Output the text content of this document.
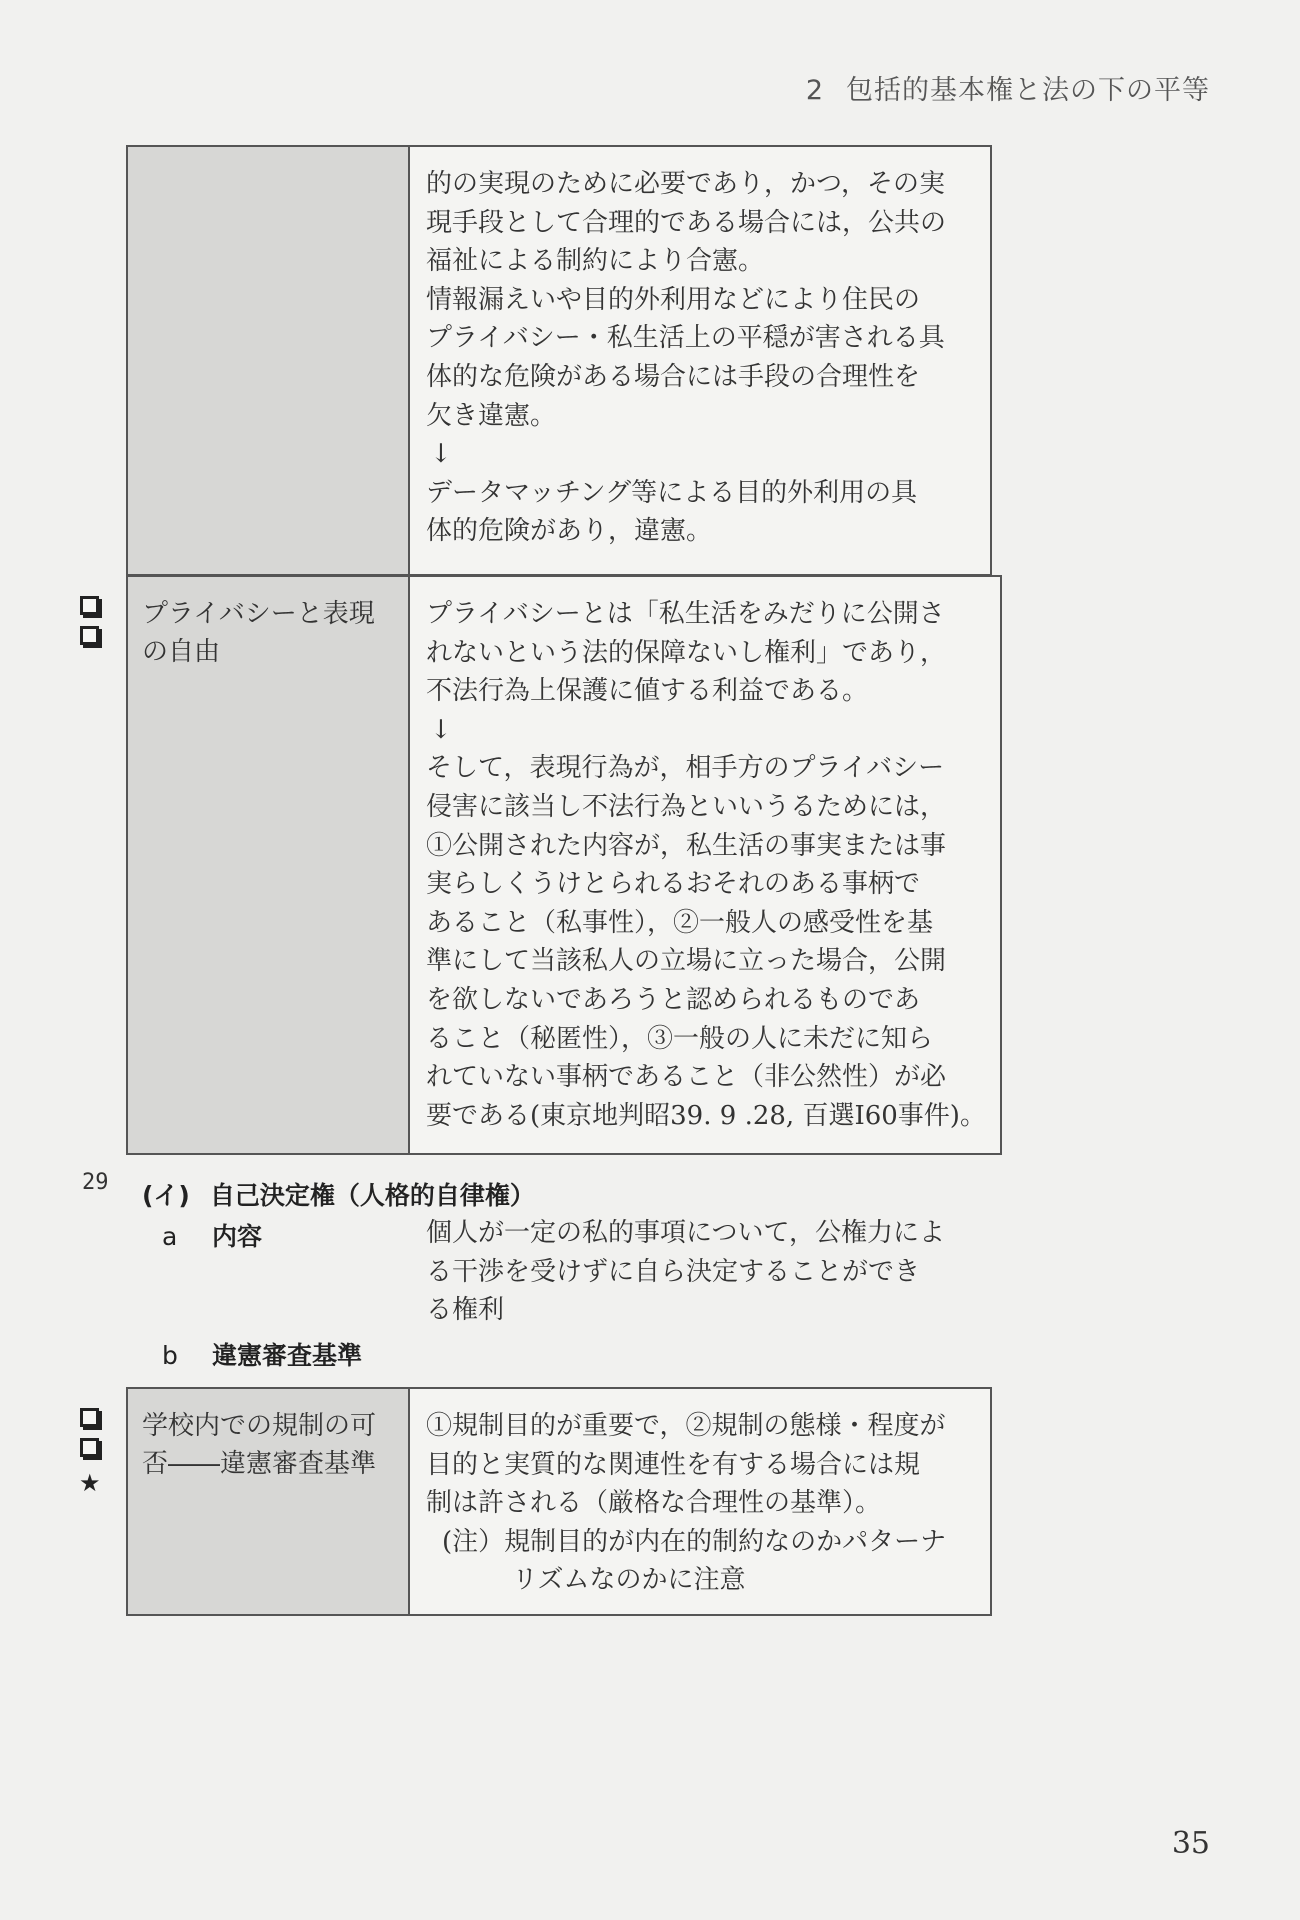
2 包括的基本権と法の下の平等

的の実現のために必要であり，かつ，その実
現手段として合理的である場合には，公共の
福祉による制約により合憲。
情報漏えいや目的外利用などにより住民の
プライバシー・私生活上の平穏が害される具
体的な危険がある場合には手段の合理性を
欠き違憲。
↓
データマッチング等による目的外利用の具
体的危険があり，違憲。
プライバシーと表現
の自由

プライバシーとは「私生活をみだりに公開さ
れないという法的保障ないし権利」であり，
不法行為上保護に値する利益である。
↓
そして，表現行為が，相手方のプライバシー
侵害に該当し不法行為といいうるためには，
①公開された内容が，私生活の事実または事
実らしくうけとられるおそれのある事柄で
あること（私事性），②一般人の感受性を基
準にして当該私人の立場に立った場合，公開
を欲しないであろうと認められるものであ
ること（秘匿性），③一般の人に未だに知ら
れていない事柄であること（非公然性）が必
要である(東京地判昭39. 9 .28, 百選Ⅰ60事件)。
29 (イ) 自己決定権（人格的自律権）
a 内容	個人が一定の私的事項について，公権力によ
る干渉を受けずに自ら決定することができ
る権利
b 違憲審査基準
★
学校内での規制の可
否――違憲審査基準

①規制目的が重要で，②規制の態様・程度が
目的と実質的な関連性を有する場合には規
制は許される（厳格な合理性の基準）。
(注）規制目的が内在的制約なのかパターナ
リズムなのかに注意
35
